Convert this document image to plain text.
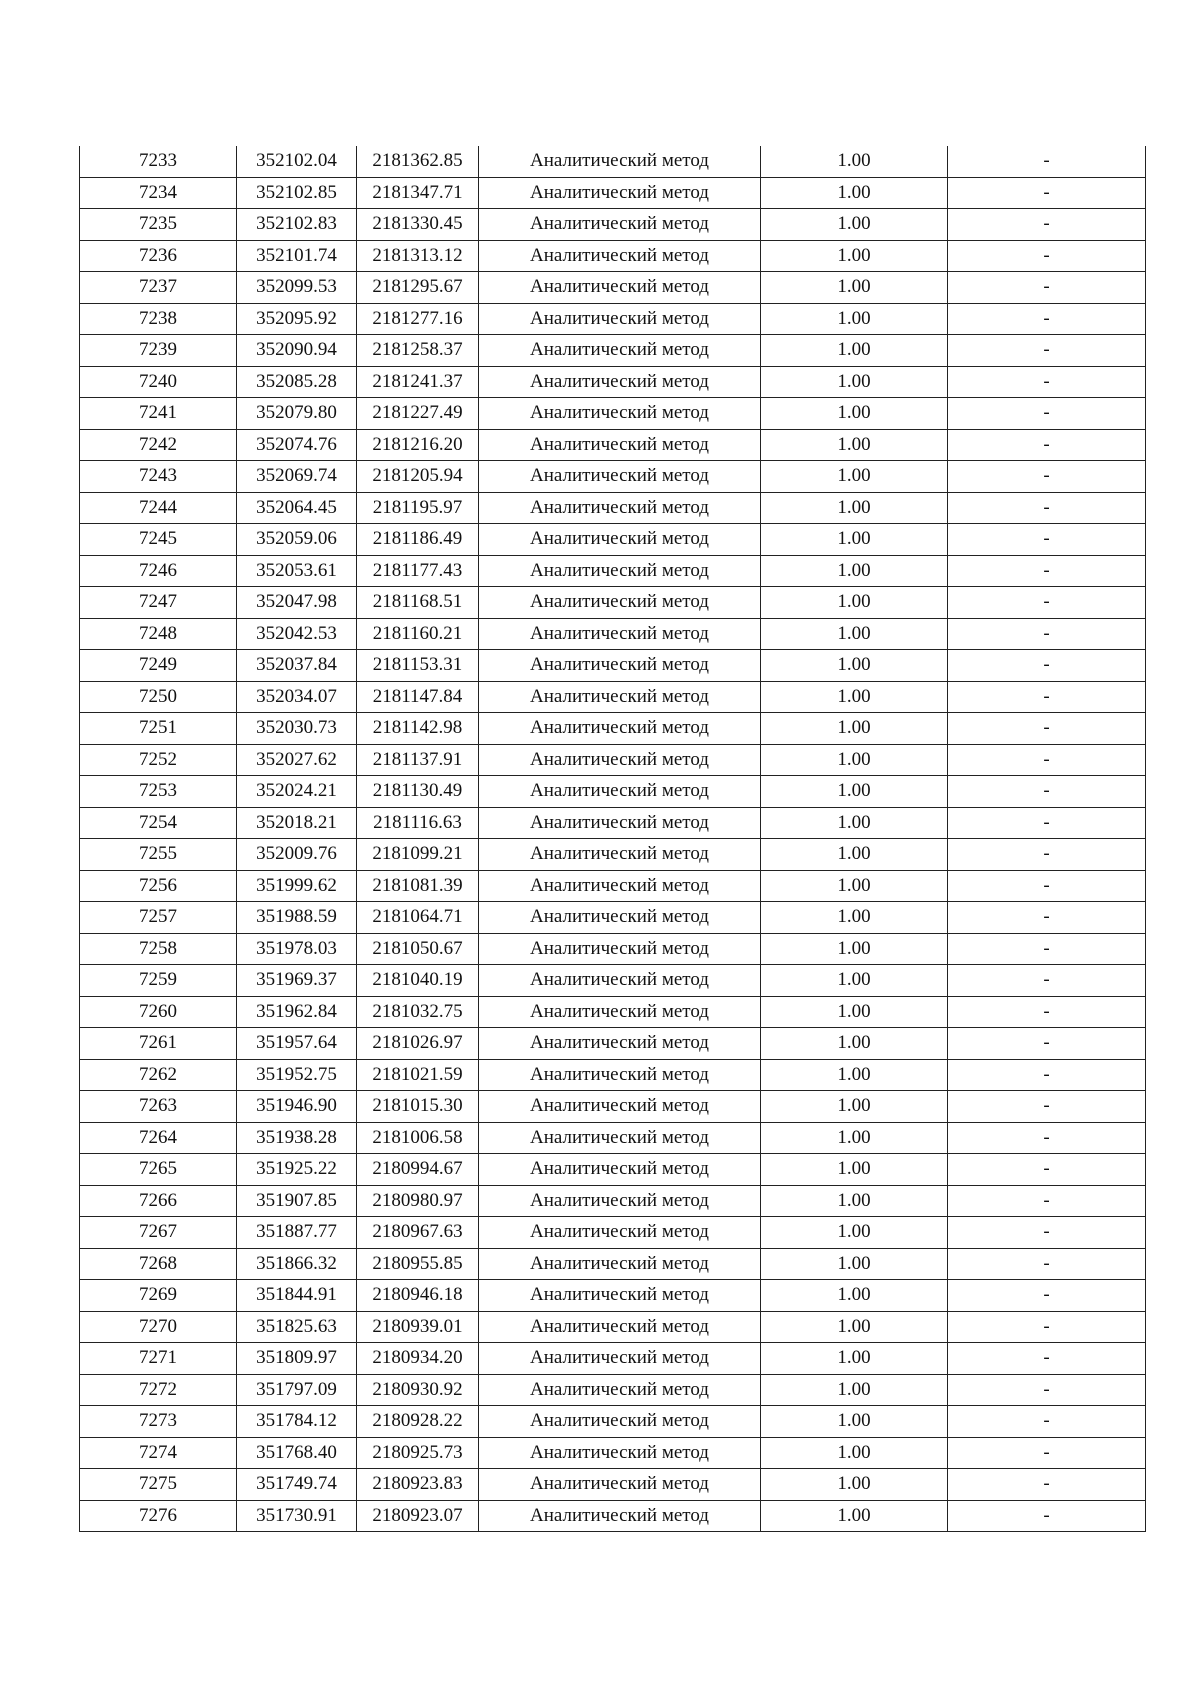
7233	352102.04	2181362.85	Аналитический метод	1.00	-
7234	352102.85	2181347.71	Аналитический метод	1.00	-
7235	352102.83	2181330.45	Аналитический метод	1.00	-
7236	352101.74	2181313.12	Аналитический метод	1.00	-
7237	352099.53	2181295.67	Аналитический метод	1.00	-
7238	352095.92	2181277.16	Аналитический метод	1.00	-
7239	352090.94	2181258.37	Аналитический метод	1.00	-
7240	352085.28	2181241.37	Аналитический метод	1.00	-
7241	352079.80	2181227.49	Аналитический метод	1.00	-
7242	352074.76	2181216.20	Аналитический метод	1.00	-
7243	352069.74	2181205.94	Аналитический метод	1.00	-
7244	352064.45	2181195.97	Аналитический метод	1.00	-
7245	352059.06	2181186.49	Аналитический метод	1.00	-
7246	352053.61	2181177.43	Аналитический метод	1.00	-
7247	352047.98	2181168.51	Аналитический метод	1.00	-
7248	352042.53	2181160.21	Аналитический метод	1.00	-
7249	352037.84	2181153.31	Аналитический метод	1.00	-
7250	352034.07	2181147.84	Аналитический метод	1.00	-
7251	352030.73	2181142.98	Аналитический метод	1.00	-
7252	352027.62	2181137.91	Аналитический метод	1.00	-
7253	352024.21	2181130.49	Аналитический метод	1.00	-
7254	352018.21	2181116.63	Аналитический метод	1.00	-
7255	352009.76	2181099.21	Аналитический метод	1.00	-
7256	351999.62	2181081.39	Аналитический метод	1.00	-
7257	351988.59	2181064.71	Аналитический метод	1.00	-
7258	351978.03	2181050.67	Аналитический метод	1.00	-
7259	351969.37	2181040.19	Аналитический метод	1.00	-
7260	351962.84	2181032.75	Аналитический метод	1.00	-
7261	351957.64	2181026.97	Аналитический метод	1.00	-
7262	351952.75	2181021.59	Аналитический метод	1.00	-
7263	351946.90	2181015.30	Аналитический метод	1.00	-
7264	351938.28	2181006.58	Аналитический метод	1.00	-
7265	351925.22	2180994.67	Аналитический метод	1.00	-
7266	351907.85	2180980.97	Аналитический метод	1.00	-
7267	351887.77	2180967.63	Аналитический метод	1.00	-
7268	351866.32	2180955.85	Аналитический метод	1.00	-
7269	351844.91	2180946.18	Аналитический метод	1.00	-
7270	351825.63	2180939.01	Аналитический метод	1.00	-
7271	351809.97	2180934.20	Аналитический метод	1.00	-
7272	351797.09	2180930.92	Аналитический метод	1.00	-
7273	351784.12	2180928.22	Аналитический метод	1.00	-
7274	351768.40	2180925.73	Аналитический метод	1.00	-
7275	351749.74	2180923.83	Аналитический метод	1.00	-
7276	351730.91	2180923.07	Аналитический метод	1.00	-
